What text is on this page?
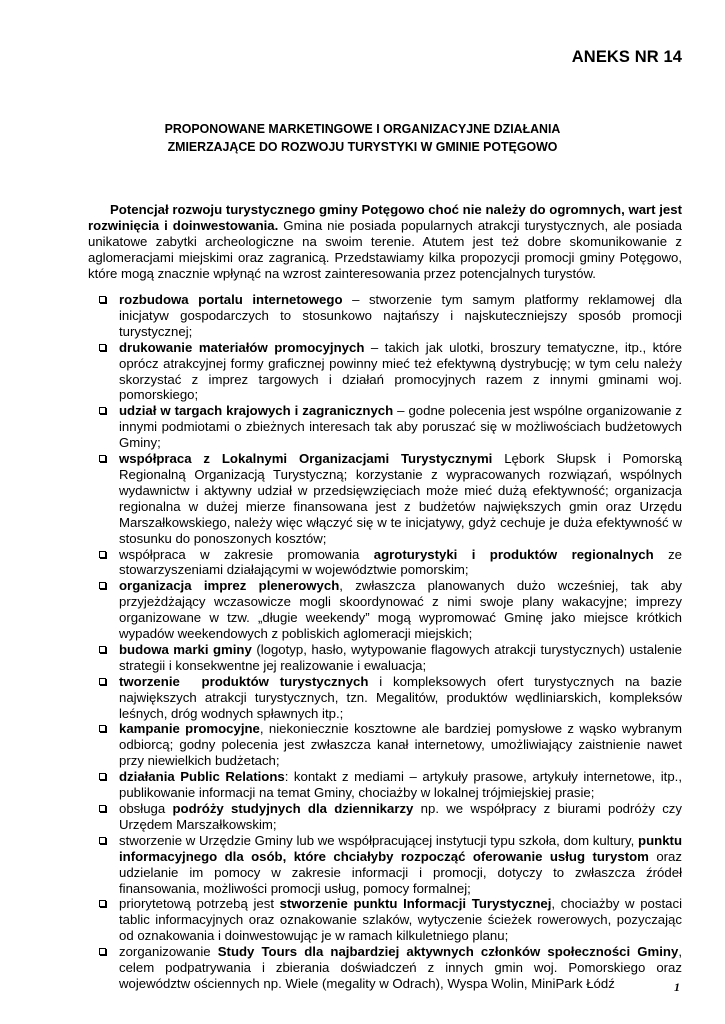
ANEKS NR 14
PROPONOWANE MARKETINGOWE I ORGANIZACYJNE DZIAŁANIA
ZMIERZAJĄCE DO ROZWOJU TURYSTYKI W GMINIE POTĘGOWO
Potencjał rozwoju turystycznego gminy Potęgowo choć nie należy do ogromnych, wart jest rozwinięcia i doinwestowania. Gmina nie posiada popularnych atrakcji turystycznych, ale posiada unikatowe zabytki archeologiczne na swoim terenie. Atutem jest też dobre skomunikowanie z aglomeracjami miejskimi oraz zagranicą. Przedstawiamy kilka propozycji promocji gminy Potęgowo, które mogą znacznie wpłynąć na wzrost zainteresowania przez potencjalnych turystów.
rozbudowa portalu internetowego – stworzenie tym samym platformy reklamowej dla inicjatyw gospodarczych to stosunkowo najtańszy i najskuteczniejszy sposób promocji turystycznej;
drukowanie materiałów promocyjnych – takich jak ulotki, broszury tematyczne, itp., które oprócz atrakcyjnej formy graficznej powinny mieć też efektywną dystrybucję; w tym celu należy skorzystać z imprez targowych i działań promocyjnych razem z innymi gminami woj. pomorskiego;
udział w targach krajowych i zagranicznych – godne polecenia jest wspólne organizowanie z innymi podmiotami o zbieżnych interesach tak aby poruszać się w możliwościach budżetowych Gminy;
współpraca z Lokalnymi Organizacjami Turystycznymi Lębork Słupsk i Pomorską Regionalną Organizacją Turystyczną; korzystanie z wypracowanych rozwiązań, wspólnych wydawnictw i aktywny udział w przedsięwzięciach może mieć dużą efektywność; organizacja regionalna w dużej mierze finansowana jest z budżetów największych gmin oraz Urzędu Marszałkowskiego, należy więc włączyć się w te inicjatywy, gdyż cechuje je duża efektywność w stosunku do ponoszonych kosztów;
współpraca w zakresie promowania agroturystyki i produktów regionalnych ze stowarzyszeniami działającymi w województwie pomorskim;
organizacja imprez plenerowych, zwłaszcza planowanych dużo wcześniej, tak aby przyjeżdżający wczasowicze mogli skoordynować z nimi swoje plany wakacyjne; imprezy organizowane w tzw. „długie weekendy” mogą wypromować Gminę jako miejsce krótkich wypadów weekendowych z pobliskich aglomeracji miejskich;
budowa marki gminy (logotyp, hasło, wytypowanie flagowych atrakcji turystycznych) ustalenie strategii i konsekwentne jej realizowanie i ewaluacja;
tworzenie  produktów turystycznych i kompleksowych ofert turystycznych na bazie największych atrakcji turystycznych, tzn. Megalitów, produktów wędliniarskich, kompleksów leśnych, dróg wodnych spławnych itp.;
kampanie promocyjne, niekoniecznie kosztowne ale bardziej pomysłowe z wąsko wybranym odbiorcą; godny polecenia jest zwłaszcza kanał internetowy, umożliwiający zaistnienie nawet przy niewielkich budżetach;
działania Public Relations: kontakt z mediami – artykuły prasowe, artykuły internetowe, itp., publikowanie informacji na temat Gminy, chociażby w lokalnej trójmiejskiej prasie;
obsługa podróży studyjnych dla dziennikarzy np. we współpracy z biurami podróży czy Urzędem Marszałkowskim;
stworzenie w Urzędzie Gminy lub we współpracującej instytucji typu szkoła, dom kultury, punktu informacyjnego dla osób, które chciałyby rozpocząć oferowanie usług turystom oraz udzielanie im pomocy w zakresie informacji i promocji, dotyczy to zwłaszcza źródeł finansowania, możliwości promocji usług, pomocy formalnej;
priorytetową potrzebą jest stworzenie punktu Informacji Turystycznej, chociażby w postaci tablic informacyjnych oraz oznakowanie szlaków, wytyczenie ścieżek rowerowych, pozyczając od oznakowania i doinwestowując je w ramach kilkuletniego planu;
zorganizowanie Study Tours dla najbardziej aktywnych członków społeczności Gminy, celem podpatrywania i zbierania doświadczeń z innych gmin woj. Pomorskiego oraz województw ościennych np. Wiele (megality w Odrach), Wyspa Wolin, MiniPark Łódź	1
